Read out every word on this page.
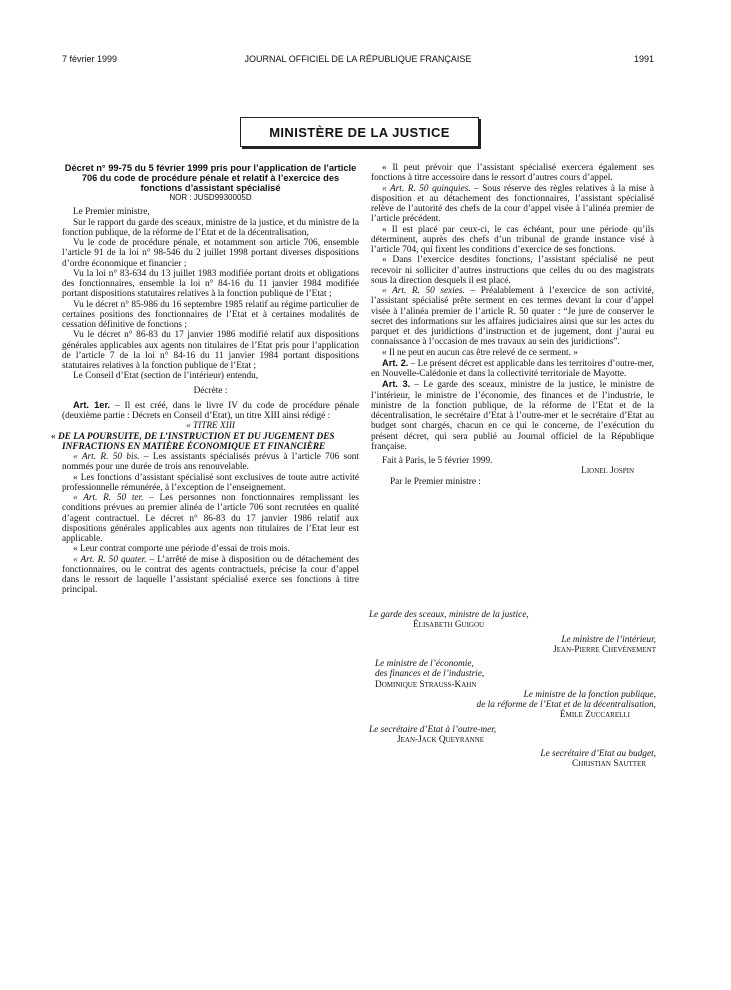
7 février 1999	JOURNAL OFFICIEL DE LA RÉPUBLIQUE FRANÇAISE	1991
MINISTÈRE DE LA JUSTICE

Décret n° 99-75 du 5 février 1999 pris pour l’application de l’article 706 du code de procédure pénale et relatif à l’exercice des fonctions d’assistant spécialisé

NOR : JUSD9930005D

Le Premier ministre,

Sur le rapport du garde des sceaux, ministre de la justice, et du ministre de la fonction publique, de la réforme de l’Etat et de la décentralisation,

Vu le code de procédure pénale, et notamment son article 706, ensemble l’article 91 de la loi n° 98-546 du 2 juillet 1998 portant diverses dispositions d’ordre économique et financier ;

Vu la loi n° 83-634 du 13 juillet 1983 modifiée portant droits et obligations des fonctionnaires, ensemble la loi n° 84-16 du 11 janvier 1984 modifiée portant dispositions statutaires relatives à la fonction publique de l’Etat ;

Vu le décret n° 85-986 du 16 septembre 1985 relatif au régime particulier de certaines positions des fonctionnaires de l’Etat et à certaines modalités de cessation définitive de fonctions ;

Vu le décret n° 86-83 du 17 janvier 1986 modifié relatif aux dispositions générales applicables aux agents non titulaires de l’Etat pris pour l’application de l’article 7 de la loi n° 84-16 du 11 janvier 1984 portant dispositions statutaires relatives à la fonction publique de l’Etat ;

Le Conseil d’Etat (section de l’intérieur) entendu,

Décrète :

Art. 1er. – Il est créé, dans le livre IV du code de procédure pénale (deuxième partie : Décrets en Conseil d’Etat), un titre XIII ainsi rédigé :

« TITRE XIII

« DE LA POURSUITE, DE L’INSTRUCTION ET DU JUGEMENT DES INFRACTIONS EN MATIÈRE ÉCONOMIQUE ET FINANCIÈRE

« Art. R. 50 bis. – Les assistants spécialisés prévus à l’article 706 sont nommés pour une durée de trois ans renouvelable.

« Les fonctions d’assistant spécialisé sont exclusives de toute autre activité professionnelle rémunérée, à l’exception de l’enseignement.

« Art. R. 50 ter. – Les personnes non fonctionnaires remplissant les conditions prévues au premier alinéa de l’article 706 sont recrutées en qualité d’agent contractuel. Le décret n° 86-83 du 17 janvier 1986 relatif aux dispositions générales applicables aux agents non titulaires de l’Etat leur est applicable.

« Leur contrat comporte une période d’essai de trois mois.

« Art. R. 50 quater. – L’arrêté de mise à disposition ou de détachement des fonctionnaires, ou le contrat des agents contractuels, précise la cour d’appel dans le ressort de laquelle l’assistant spécialisé exerce ses fonctions à titre principal.

« Il peut prévoir que l’assistant spécialisé exercera également ses fonctions à titre accessoire dans le ressort d’autres cours d’appel.

« Art. R. 50 quinquies. – Sous réserve des règles relatives à la mise à disposition et au détachement des fonctionnaires, l’assistant spécialisé relève de l’autorité des chefs de la cour d’appel visée à l’alinéa premier de l’article précédent.

« Il est placé par ceux-ci, le cas échéant, pour une période qu’ils déterminent, auprès des chefs d’un tribunal de grande instance visé à l’article 704, qui fixent les conditions d’exercice de ses fonctions.

« Dans l’exercice desdites fonctions, l’assistant spécialisé ne peut recevoir ni solliciter d’autres instructions que celles du ou des magistrats sous la direction desquels il est placé.

« Art. R. 50 sexies. – Préalablement à l’exercice de son activité, l’assistant spécialisé prête serment en ces termes devant la cour d’appel visée à l’alinéa premier de l’article R. 50 quater : “Je jure de conserver le secret des informations sur les affaires judiciaires ainsi que sur les actes du parquet et des juridictions d’instruction et de jugement, dont j’aurai eu connaissance à l’occasion de mes travaux au sein des juridictions”.

« Il ne peut en aucun cas être relevé de ce serment. »

Art. 2. – Le présent décret est applicable dans les territoires d’outre-mer, en Nouvelle-Calédonie et dans la collectivité territoriale de Mayotte.

Art. 3. – Le garde des sceaux, ministre de la justice, le ministre de l’intérieur, le ministre de l’économie, des finances et de l’industrie, le ministre de la fonction publique, de la réforme de l’Etat et de la décentralisation, le secrétaire d’Etat à l’outre-mer et le secrétaire d’Etat au budget sont chargés, chacun en ce qui le concerne, de l’exécution du présent décret, qui sera publié au Journal officiel de la République française.

Fait à Paris, le 5 février 1999.

Lionel Jospin

Par le Premier ministre :

Le garde des sceaux, ministre de la justice,

Élisabeth Guigou

Le ministre de l’intérieur,

Jean-Pierre Chevènement

Le ministre de l’économie,

des finances et de l’industrie,

Dominique Strauss-Kahn

Le ministre de la fonction publique,

de la réforme de l’Etat et de la décentralisation,

Émile Zuccarelli

Le secrétaire d’Etat à l’outre-mer,

Jean-Jack Queyranne

Le secrétaire d’Etat au budget,

Christian Sautter
